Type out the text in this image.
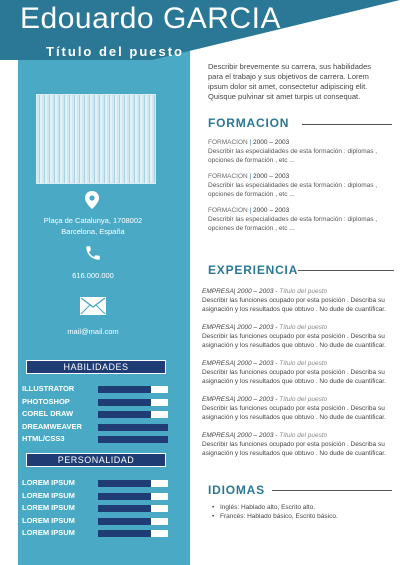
Edouardo GARCIA
Título del puesto
Plaça de Catalunya, 1708002
Barcelona, España
616.000.000
mail@mail.com
HABILIDADES
ILLUSTRATOR
PHOTOSHOP
COREL DRAW
DREAMWEAVER
HTML/CSS3
PERSONALIDAD
LOREM IPSUM
LOREM IPSUM
LOREM IPSUM
LOREM IPSUM
LOREM IPSUM
Describir brevemente su carrera, sus habilidades para el trabajo y sus objetivos de carrera. Lorem ipsum dolor sit amet, consectetur adipiscing elit. Quisque pulvinar sit amet turpis ut consequat.
FORMACION
FORMACION | 2000 – 2003
Describir las especialidades de esta formación : diplomas , opciones de formación , etc ...
FORMACION | 2000 – 2003
Describir las especialidades de esta formación : diplomas , opciones de formación , etc ...
FORMACION | 2000 – 2003
Describir las especialidades de esta formación : diplomas , opciones de formación , etc ...
EXPERIENCIA
EMPRESA| 2000 – 2003 - Título del puesto
Describir las funciones ocupado por esta posición . Describa su asignación y los resultados que obtuvo . No dude de cuantificar.
EMPRESA| 2000 – 2003 - Título del puesto
Describir las funciones ocupado por esta posición . Describa su asignación y los resultados que obtuvo . No dude de cuantificar.
EMPRESA| 2000 – 2003 - Título del puesto
Describir las funciones ocupado por esta posición . Describa su asignación y los resultados que obtuvo . No dude de cuantificar.
EMPRESA| 2000 – 2003 - Título del puesto
Describir las funciones ocupado por esta posición . Describa su asignación y los resultados que obtuvo . No dude de cuantificar.
EMPRESA| 2000 – 2003 - Título del puesto
Describir las funciones ocupado por esta posición . Describa su asignación y los resultados que obtuvo . No dude de cuantificar.
IDIOMAS
• Inglés: Hablado alto, Escrito alto.
• Francés: Hablado básico, Escrito básico.
